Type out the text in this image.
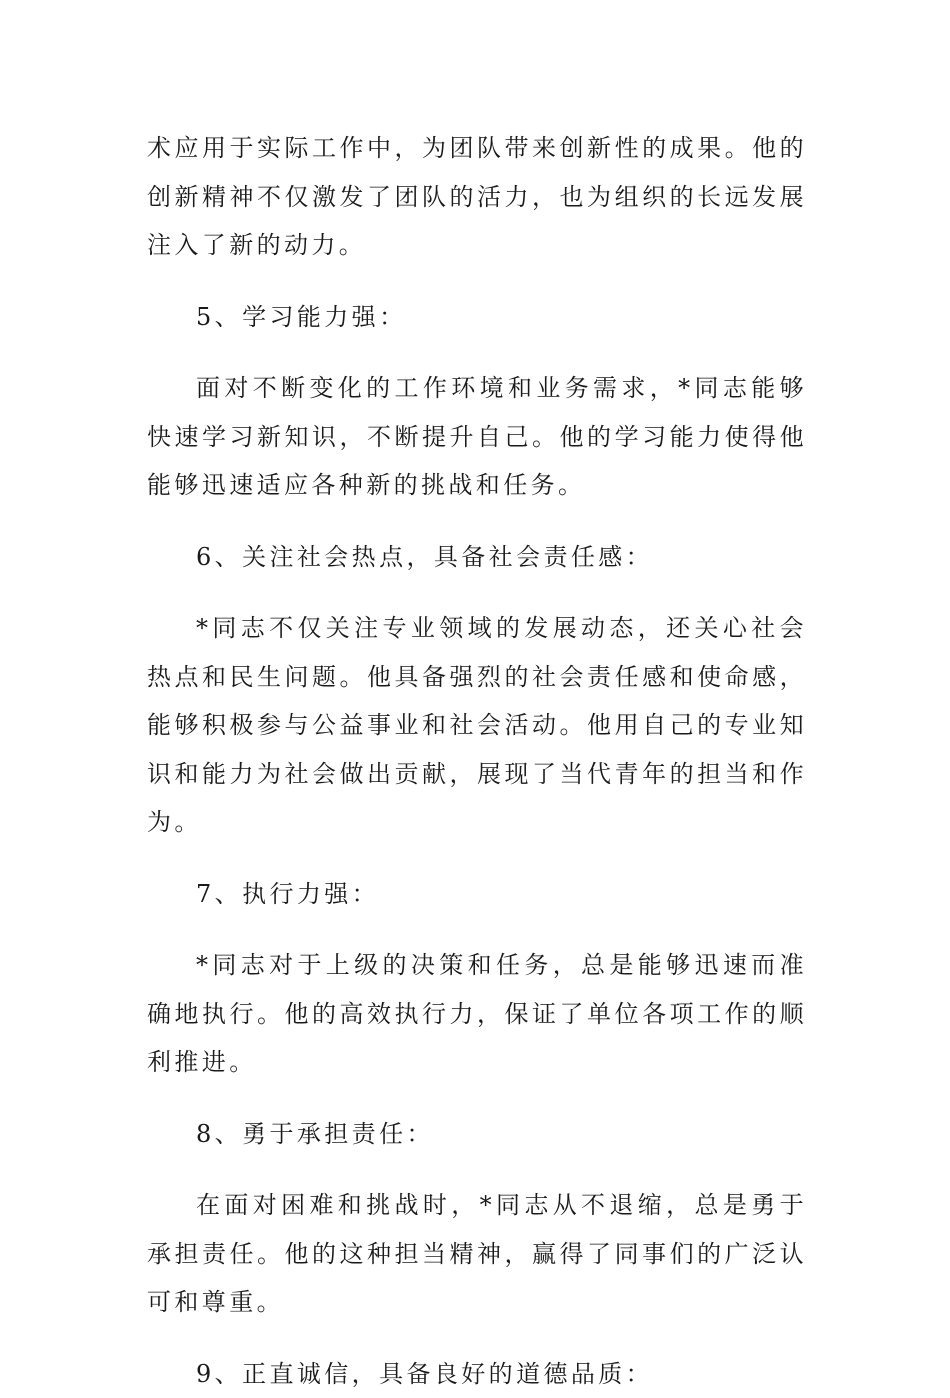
术应用于实际工作中，为团队带来创新性的成果。他的创新精神不仅激发了团队的活力，也为组织的长远发展注入了新的动力。

5、学习能力强：

面对不断变化的工作环境和业务需求，*同志能够快速学习新知识，不断提升自己。他的学习能力使得他能够迅速适应各种新的挑战和任务。

6、关注社会热点，具备社会责任感：

*同志不仅关注专业领域的发展动态，还关心社会热点和民生问题。他具备强烈的社会责任感和使命感，能够积极参与公益事业和社会活动。他用自己的专业知识和能力为社会做出贡献，展现了当代青年的担当和作为。

7、执行力强：

*同志对于上级的决策和任务，总是能够迅速而准确地执行。他的高效执行力，保证了单位各项工作的顺利推进。

8、勇于承担责任：

在面对困难和挑战时，*同志从不退缩，总是勇于承担责任。他的这种担当精神，赢得了同事们的广泛认可和尊重。

9、正直诚信，具备良好的道德品质：
